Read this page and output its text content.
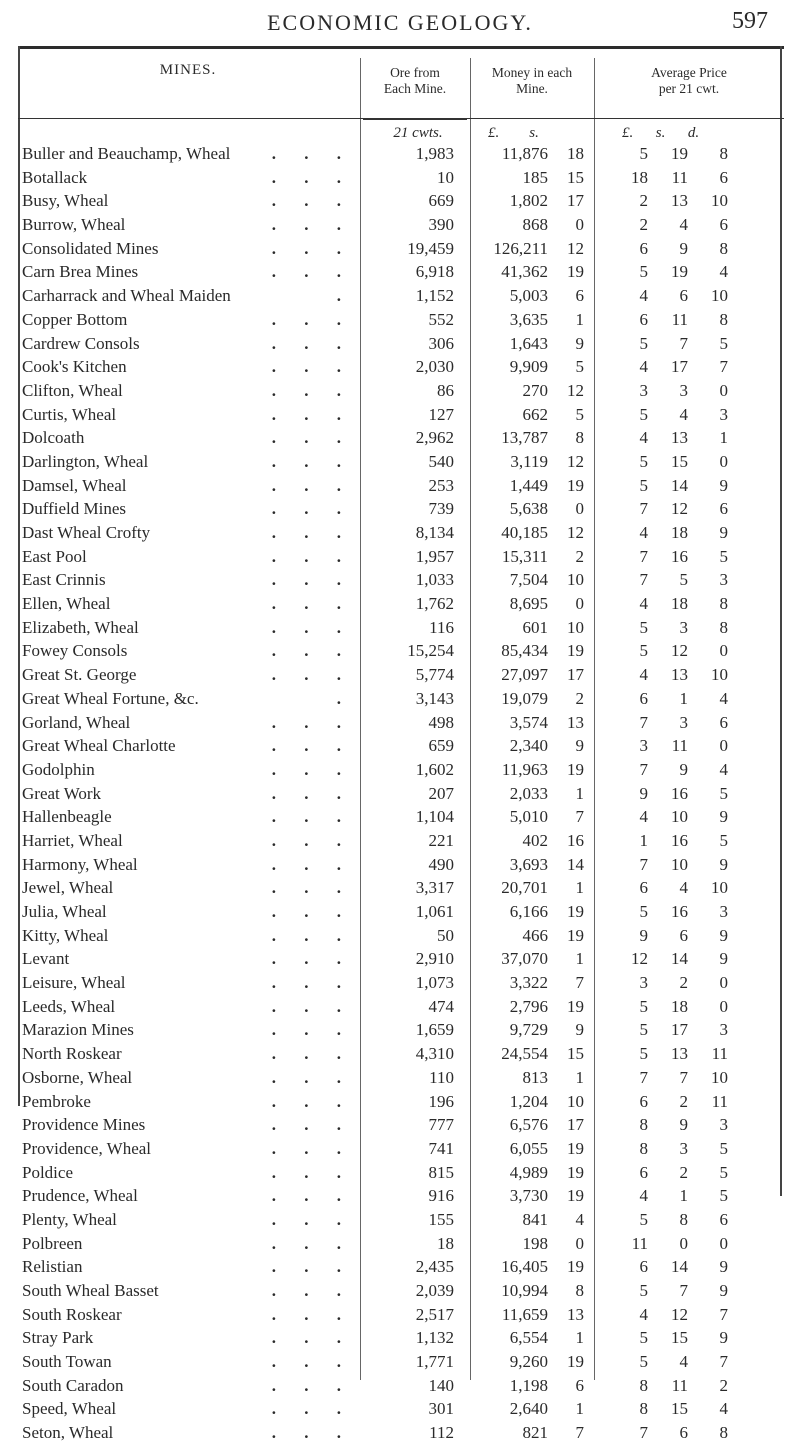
ECONOMIC GEOLOGY.	597
MINES.	Ore from
Each Mine.
Money in each
Mine.
Average Price
per 21 cwt.
21 cwts.	£.        s.	£.      s.      d.
Buller and Beauchamp, Wheal	1,983	11,876	18	5	19	8
. . .
Botallack	10	185	15	18	11	6
. . .
Busy, Wheal	669	1,802	17	2	13	10
. . .
Burrow, Wheal	390	868	0	2	4	6
. . .
Consolidated Mines	19,459	126,211	12	6	9	8
. . .
Carn Brea Mines	6,918	41,362	19	5	19	4
. . .
Carharrack and Wheal Maiden	1,152	5,003	6	4	6	10
.
Copper Bottom	552	3,635	1	6	11	8
. . .
Cardrew Consols	306	1,643	9	5	7	5
. . .
Cook's Kitchen	2,030	9,909	5	4	17	7
. . .
Clifton, Wheal	86	270	12	3	3	0
. . .
Curtis, Wheal	127	662	5	5	4	3
. . .
Dolcoath	2,962	13,787	8	4	13	1
. . .
Darlington, Wheal	540	3,119	12	5	15	0
. . .
Damsel, Wheal	253	1,449	19	5	14	9
. . .
Duffield Mines	739	5,638	0	7	12	6
. . .
Dast Wheal Crofty	8,134	40,185	12	4	18	9
. . .
East Pool	1,957	15,311	2	7	16	5
. . .
East Crinnis	1,033	7,504	10	7	5	3
. . .
Ellen, Wheal	1,762	8,695	0	4	18	8
. . .
Elizabeth, Wheal	116	601	10	5	3	8
. . .
Fowey Consols	15,254	85,434	19	5	12	0
. . .
Great St. George	5,774	27,097	17	4	13	10
. . .
Great Wheal Fortune, &c.	3,143	19,079	2	6	1	4
.
Gorland, Wheal	498	3,574	13	7	3	6
. . .
Great Wheal Charlotte	659	2,340	9	3	11	0
. . .
Godolphin	1,602	11,963	19	7	9	4
. . .
Great Work	207	2,033	1	9	16	5
. . .
Hallenbeagle	1,104	5,010	7	4	10	9
. . .
Harriet, Wheal	221	402	16	1	16	5
. . .
Harmony, Wheal	490	3,693	14	7	10	9
. . .
Jewel, Wheal	3,317	20,701	1	6	4	10
. . .
Julia, Wheal	1,061	6,166	19	5	16	3
. . .
Kitty, Wheal	50	466	19	9	6	9
. . .
Levant	2,910	37,070	1	12	14	9
. . .
Leisure, Wheal	1,073	3,322	7	3	2	0
. . .
Leeds, Wheal	474	2,796	19	5	18	0
. . .
Marazion Mines	1,659	9,729	9	5	17	3
. . .
North Roskear	4,310	24,554	15	5	13	11
. . .
Osborne, Wheal	110	813	1	7	7	10
. . .
Pembroke	196	1,204	10	6	2	11
. . .
Providence Mines	777	6,576	17	8	9	3
. . .
Providence, Wheal	741	6,055	19	8	3	5
. . .
Poldice	815	4,989	19	6	2	5
. . .
Prudence, Wheal	916	3,730	19	4	1	5
. . .
Plenty, Wheal	155	841	4	5	8	6
. . .
Polbreen	18	198	0	11	0	0
. . .
Relistian	2,435	16,405	19	6	14	9
. . .
South Wheal Basset	2,039	10,994	8	5	7	9
. . .
South Roskear	2,517	11,659	13	4	12	7
. . .
Stray Park	1,132	6,554	1	5	15	9
. . .
South Towan	1,771	9,260	19	5	4	7
. . .
South Caradon	140	1,198	6	8	11	2
. . .
Speed, Wheal	301	2,640	1	8	15	4
. . .
Seton, Wheal	112	821	7	7	6	8
. . .
